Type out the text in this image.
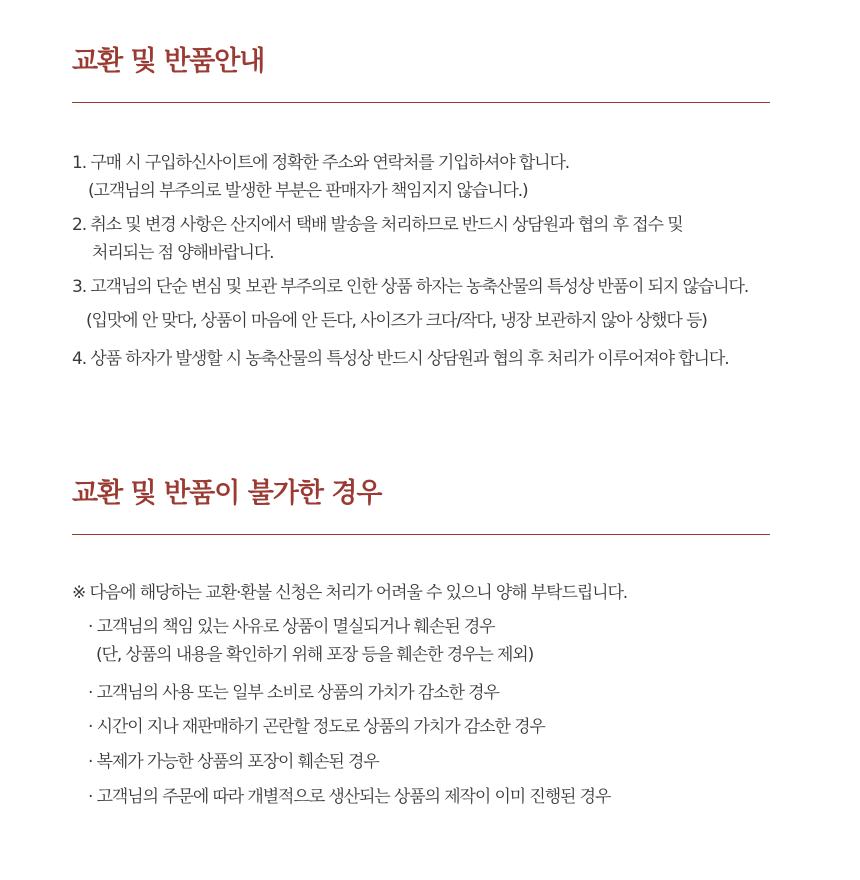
교환 및 반품안내
1. 구매 시 구입하신사이트에 정확한 주소와 연락처를 기입하셔야 합니다.
(고객님의 부주의로 발생한 부분은 판매자가 책임지지 않습니다.)
2. 취소 및 변경 사항은 산지에서 택배 발송을 처리하므로 반드시 상담원과 협의 후 접수 및
처리되는 점 양해바랍니다.
3. 고객님의 단순 변심 및 보관 부주의로 인한 상품 하자는 농축산물의 특성상 반품이 되지 않습니다.
(입맛에 안 맞다, 상품이 마음에 안 든다, 사이즈가 크다/작다, 냉장 보관하지 않아 상했다 등)
4. 상품 하자가 발생할 시 농축산물의 특성상 반드시 상담원과 협의 후 처리가 이루어져야 합니다.
교환 및 반품이 불가한 경우
※ 다음에 해당하는 교환·환불 신청은 처리가 어려울 수 있으니 양해 부탁드립니다.
· 고객님의 책임 있는 사유로 상품이 멸실되거나 훼손된 경우
(단, 상품의 내용을 확인하기 위해 포장 등을 훼손한 경우는 제외)
· 고객님의 사용 또는 일부 소비로 상품의 가치가 감소한 경우
· 시간이 지나 재판매하기 곤란할 정도로 상품의 가치가 감소한 경우
· 복제가 가능한 상품의 포장이 훼손된 경우
· 고객님의 주문에 따라 개별적으로 생산되는 상품의 제작이 이미 진행된 경우
